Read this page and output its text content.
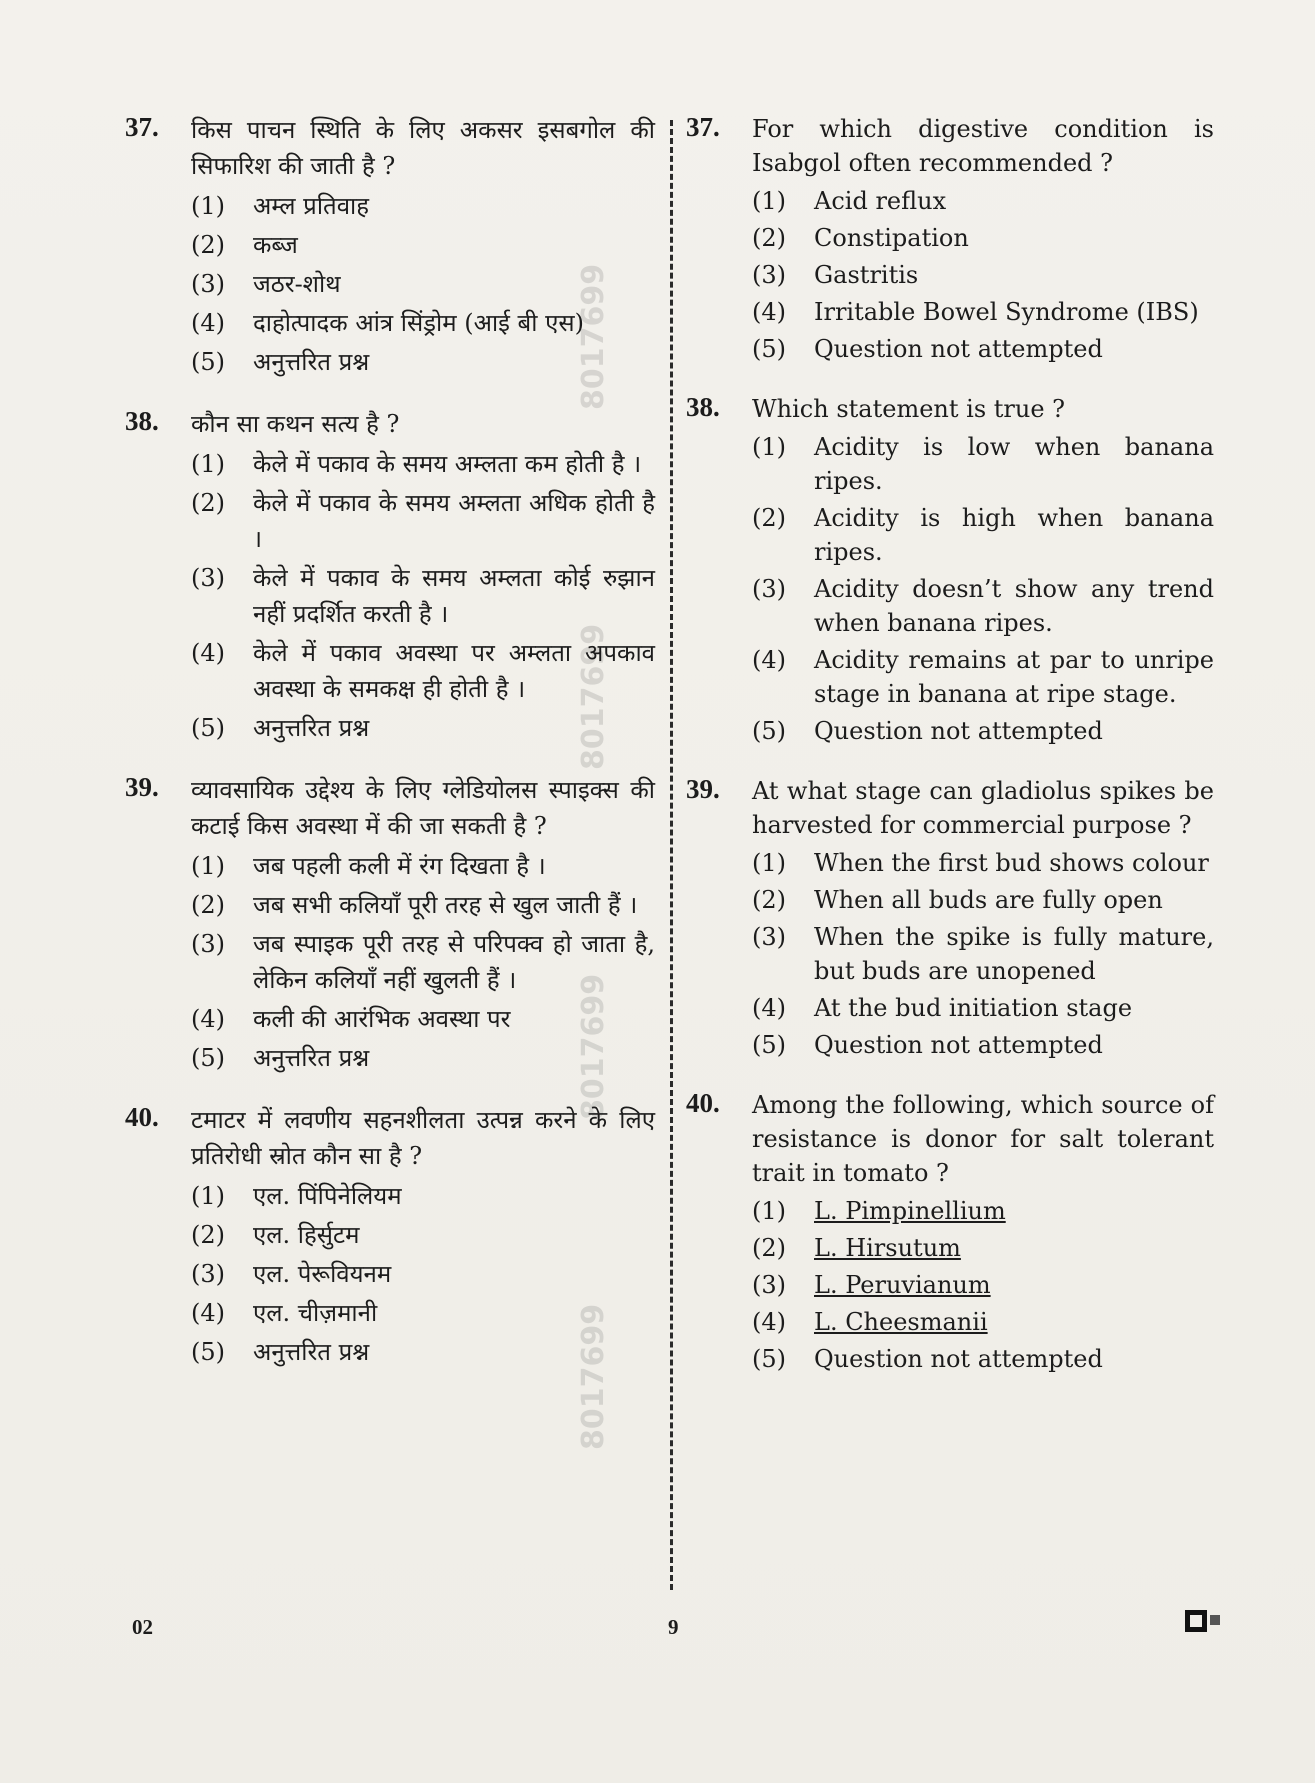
8017699
8017699
8017699
8017699
37. किस पाचन स्थिति के लिए अकसर इसबगोल की सिफारिश की जाती है ?
(1) अम्ल प्रतिवाह
(2) कब्ज
(3) जठर-शोथ
(4) दाहोत्पादक आंत्र सिंड्रोम (आई बी एस)
(5) अनुत्तरित प्रश्न
38. कौन सा कथन सत्य है ?
(1) केले में पकाव के समय अम्लता कम होती है ।
(2) केले में पकाव के समय अम्लता अधिक होती है ।
(3) केले में पकाव के समय अम्लता कोई रुझान नहीं प्रदर्शित करती है ।
(4) केले में पकाव अवस्था पर अम्लता अपकाव अवस्था के समकक्ष ही होती है ।
(5) अनुत्तरित प्रश्न
39. व्यावसायिक उद्देश्य के लिए ग्लेडियोलस स्पाइक्स की कटाई किस अवस्था में की जा सकती है ?
(1) जब पहली कली में रंग दिखता है ।
(2) जब सभी कलियाँ पूरी तरह से खुल जाती हैं ।
(3) जब स्पाइक पूरी तरह से परिपक्व हो जाता है, लेकिन कलियाँ नहीं खुलती हैं ।
(4) कली की आरंभिक अवस्था पर
(5) अनुत्तरित प्रश्न
40. टमाटर में लवणीय सहनशीलता उत्पन्न करने के लिए प्रतिरोधी स्रोत कौन सा है ?
(1) एल. पिंपिनेलियम
(2) एल. हिर्सुटम
(3) एल. पेरूवियनम
(4) एल. चीज़मानी
(5) अनुत्तरित प्रश्न
37. For which digestive condition is Isabgol often recommended ?
(1) Acid reflux
(2) Constipation
(3) Gastritis
(4) Irritable Bowel Syndrome (IBS)
(5) Question not attempted
38. Which statement is true ?
(1) Acidity is low when banana ripes.
(2) Acidity is high when banana ripes.
(3) Acidity doesn’t show any trend when banana ripes.
(4) Acidity remains at par to unripe stage in banana at ripe stage.
(5) Question not attempted
39. At what stage can gladiolus spikes be harvested for commercial purpose ?
(1) When the first bud shows colour
(2) When all buds are fully open
(3) When the spike is fully mature, but buds are unopened
(4) At the bud initiation stage
(5) Question not attempted
40. Among the following, which source of resistance is donor for salt tolerant trait in tomato ?
(1) L. Pimpinellium
(2) L. Hirsutum
(3) L. Peruvianum
(4) L. Cheesmanii
(5) Question not attempted
02	9
